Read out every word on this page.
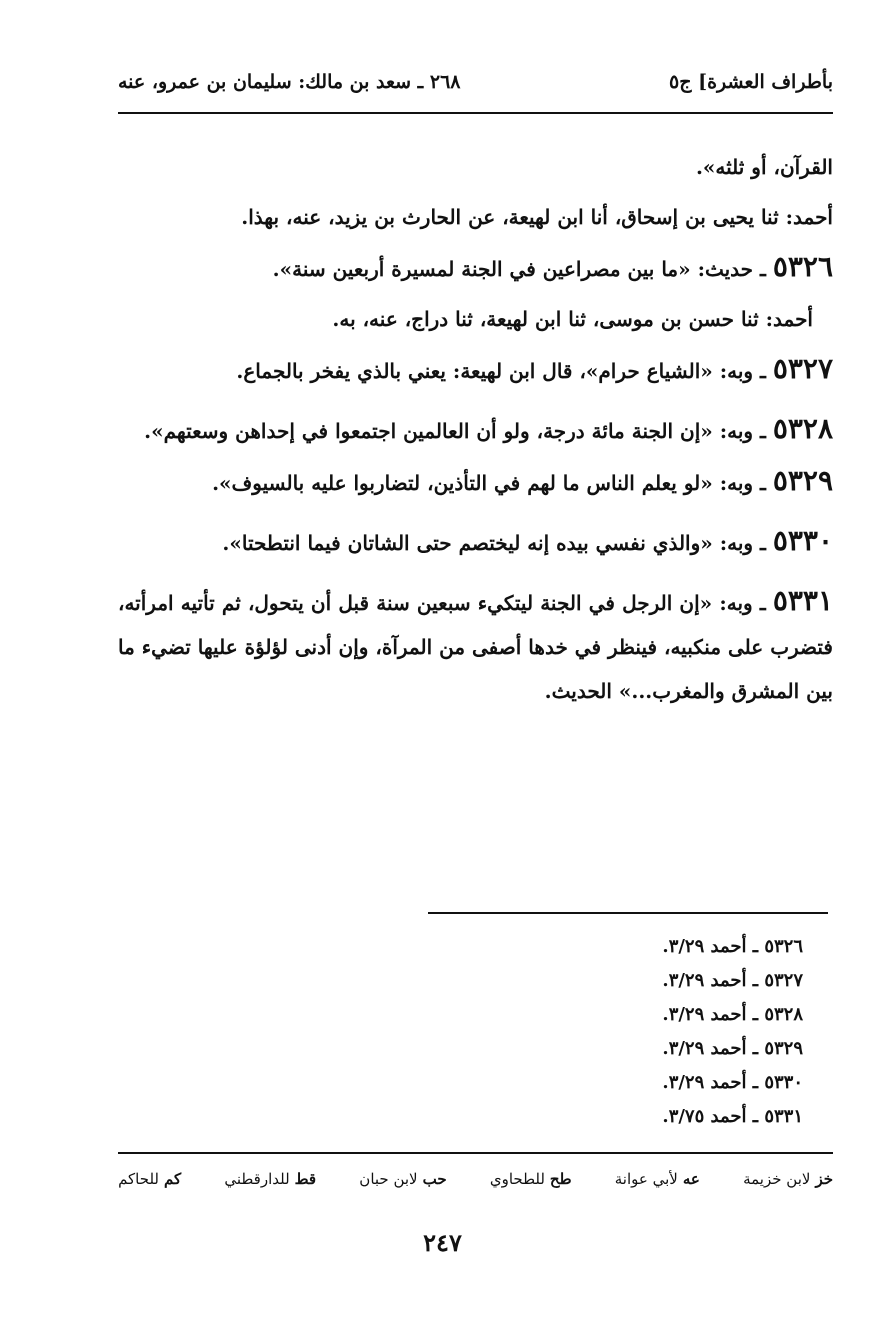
بأطراف العشرة] ج٥
٢٦٨ ـ سعد بن مالك: سليمان بن عمرو، عنه

القرآن، أو ثلثه».

أحمد: ثنا يحيى بن إسحاق، أنا ابن لهيعة، عن الحارث بن يزيد، عنه، بهذا.

٥٣٢٦ ـ حديث: «ما بين مصراعين في الجنة لمسيرة أربعين سنة».

أحمد: ثنا حسن بن موسى، ثنا ابن لهيعة، ثنا دراج، عنه، به.

٥٣٢٧ ـ وبه: «الشياع حرام»، قال ابن لهيعة: يعني بالذي يفخر بالجماع.

٥٣٢٨ ـ وبه: «إن الجنة مائة درجة، ولو أن العالمين اجتمعوا في إحداهن وسعتهم».

٥٣٢٩ ـ وبه: «لو يعلم الناس ما لهم في التأذين، لتضاربوا عليه بالسيوف».

٥٣٣٠ ـ وبه: «والذي نفسي بيده إنه ليختصم حتى الشاتان فيما انتطحتا».

٥٣٣١ ـ وبه: «إن الرجل في الجنة ليتكيء سبعين سنة قبل أن يتحول، ثم تأتيه امرأته، فتضرب على منكبيه، فينظر في خدها أصفى من المرآة، وإن أدنى لؤلؤة عليها تضيء ما بين المشرق والمغرب...» الحديث.

٥٣٢٦ ـ أحمد ٣/٢٩.
٥٣٢٧ ـ أحمد ٣/٢٩.
٥٣٢٨ ـ أحمد ٣/٢٩.
٥٣٢٩ ـ أحمد ٣/٢٩.
٥٣٣٠ ـ أحمد ٣/٢٩.
٥٣٣١ ـ أحمد ٣/٧٥.
خز
لابن خزيمة
عه
لأبي عوانة
طح
للطحاوي
حب
لابن حبان
قط
للدارقطني
كم
للحاكم
٢٤٧
